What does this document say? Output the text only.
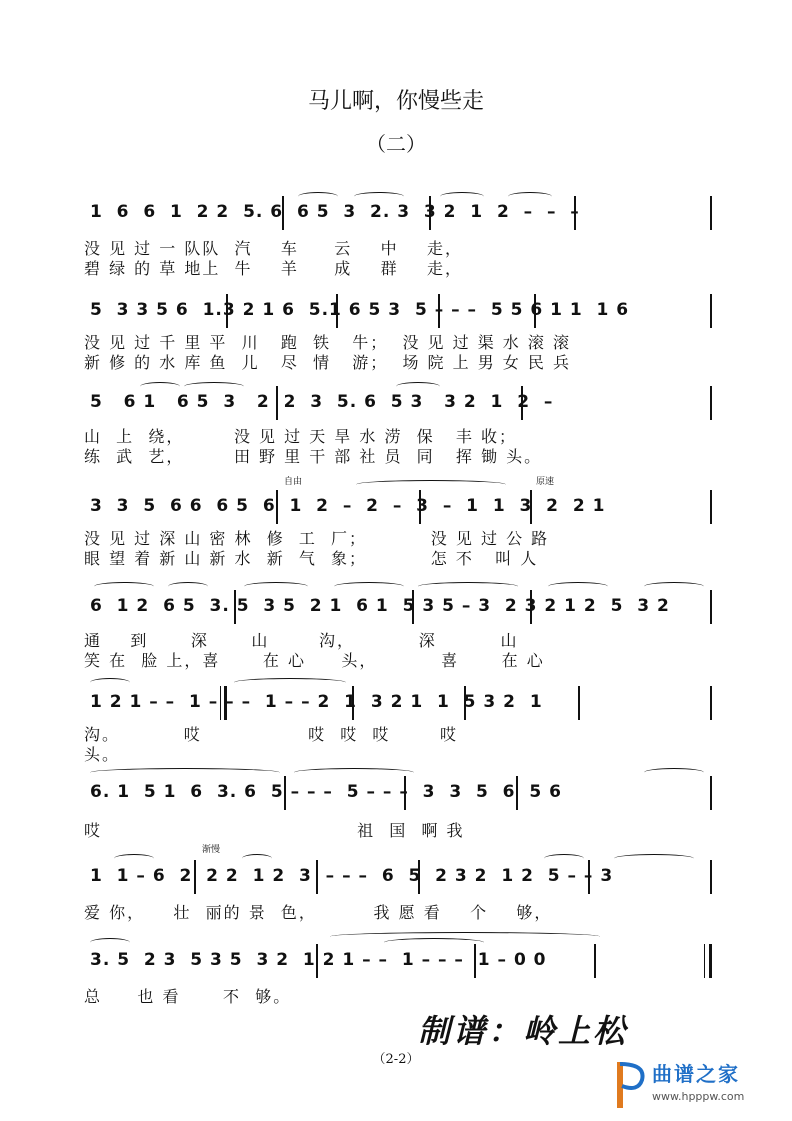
马儿啊，你慢些走
（二）
1  6  6  1  2 2  5. 6  6 5  3  2. 3  3 2  1  2  –  –  –
没 见 过 一 队队  汽    车     云    中    走，
碧 绿 的 草 地上  牛    羊     成    群    走，
5  3 3 5 6  1.3 2 1 6  5.1 6 5 3  5 – – –  5 5 6 1 1  1 6
没 见 过 千 里 平  川   跑  铁   牛；  没 见 过 渠 水 滚 滚
新 修 的 水 库 鱼  儿   尽  情   游；  场 院 上 男 女 民 兵
5   6 1   6 5  3   2  2  3  5. 6  5 3   3 2  1  2  –
山  上  绕，       没 见 过 天 旱 水 涝  保   丰 收；
练  武  艺，       田 野 里 干 部 社 员  同   挥 锄 头。
自由	原速
3  3  5  6 6  6 5  6  1  2  –  2  –  3  –  1  1  3  2  2 1
没 见 过 深 山 密 林  修  工  厂；         没 见 过 公 路
眼 望 着 新 山 新 水  新  气  象；         怎 不   叫 人
6  1 2  6 5  3. 5  3 5  2 1  6 1  5 3 5 – 3  2 3 2 1 2  5  3 2
通    到      深      山       沟，         深         山
笑 在  脸 上，喜      在 心     头，         喜      在 心
1 2 1 – –  1 – – –  1 – – 2  1  3 2 1  1  5 3 2  1
沟。         哎               哎  哎  哎       哎
头。
6. 1  5 1  6  3. 6  5 – – –  5 – – –  3  3  5  6  5 6
哎                                    祖  国  啊 我
渐慢
1  1 – 6  2  2 2  1 2  3  – – –  6  5  2 3 2  1 2  5 – – 3
爱 你，    壮  丽的 景  色，        我 愿 看    个    够，
3. 5  2 3  5 3 5  3 2  1 2 1 – –  1 – – –  1 – 0 0
总     也 看      不  够。
制谱：岭上松
（2-2）
曲谱之家
www.hpppw.com
